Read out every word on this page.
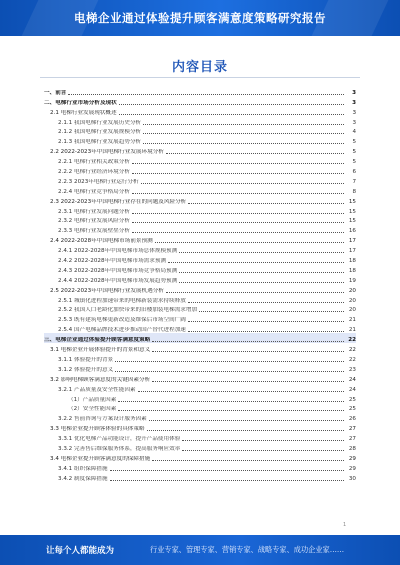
电梯企业通过体验提升顾客满意度策略研究报告
内容目录
一、前言	3
二、电梯行业市场分析及现状	3
2.1 电梯行业发展现状概述	3
2.1.1 我国电梯行业发展历史分析	3
2.1.2 我国电梯行业发展规模分析	4
2.1.3 我国电梯行业发展趋势分析	5
2.2 2022-2023年中国电梯行业发展环境分析	5
2.2.1 电梯行业相关政策分析	5
2.2.2 电梯行业经济环境分析	6
2.2.3 2023年电梯行业运行分析	7
2.2.4 电梯行业竞争格局分析	8
2.3 2022-2023年中国电梯行业存在的问题及风险分析	15
2.3.1 电梯行业发展问题分析	15
2.3.2 电梯行业发展风险分析	15
2.3.3 电梯行业发展壁垒分析	16
2.4 2022-2028年中国电梯市场前景预测	17
2.4.1 2022-2028年中国电梯市场总体规模预测	17
2.4.2 2022-2028年中国电梯市场需求预测	18
2.4.3 2022-2028年中国电梯市场竞争格局预测	18
2.4.4 2022-2028年中国电梯市场发展趋势预测	19
2.5 2022-2023年中国电梯行业发展机遇分析	20
2.5.1 城镇化进程加速带来的电梯新装需求持续释放	20
2.5.2 我国人口老龄化加快带来的旧楼加装电梯需求增加	20
2.5.3 既有建筑电梯更新改造及维保后市场空间广阔	21
2.5.4 国产电梯品牌技术进步推动国产替代进程加速	21
三、电梯企业通过体验提升顾客满意度策略	22
3.1 电梯企业开展体验提升的背景和意义	22
3.1.1 体验提升的背景	22
3.1.2 体验提升的意义	23
3.2 影响电梯顾客满意度的关键因素分析	24
3.2.1 产品质量及安全性能因素	24
（1）产品质量因素	25
（2）安全性能因素	25
3.2.2 售前咨询与方案设计服务因素	26
3.3 电梯企业提升顾客体验的具体策略	27
3.3.1 优化电梯产品功能设计，提升产品使用体验	27
3.3.2 完善售后维保服务体系，提高服务响应效率	28
3.4 电梯企业提升顾客满意度的保障措施	29
3.4.1 组织保障措施	29
3.4.2 制度保障措施	30
1
让每个人都能成为	行业专家、管理专家、营销专家、战略专家、成功企业家……
